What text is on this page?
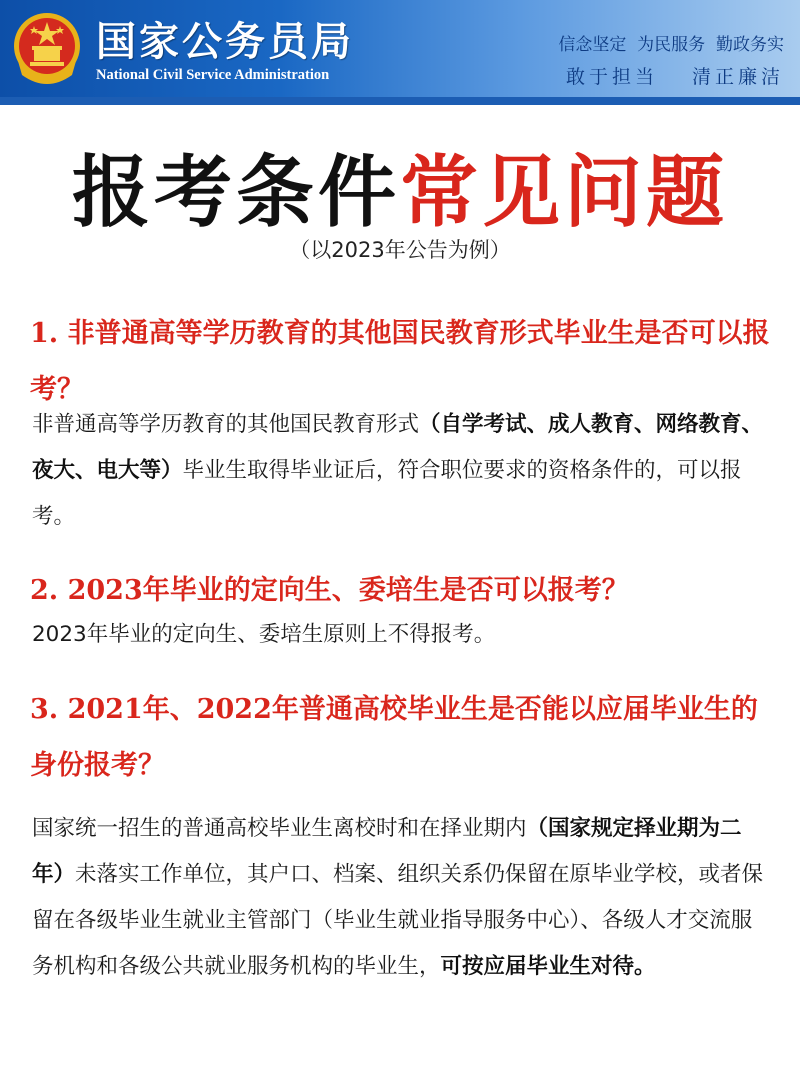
国家公务员局
National Civil Service Administration
信念坚定  为民服务  勤政务实
敢于担当 清正廉洁
报考条件常见问题
（以2023年公告为例）
1. 非普通高等学历教育的其他国民教育形式毕业生是否可以报考？
非普通高等学历教育的其他国民教育形式（自学考试、成人教育、网络教育、夜大、电大等）毕业生取得毕业证后，符合职位要求的资格条件的，可以报考。
2. 2023年毕业的定向生、委培生是否可以报考？
2023年毕业的定向生、委培生原则上不得报考。
3. 2021年、2022年普通高校毕业生是否能以应届毕业生的身份报考？
国家统一招生的普通高校毕业生离校时和在择业期内（国家规定择业期为二年）未落实工作单位，其户口、档案、组织关系仍保留在原毕业学校，或者保留在各级毕业生就业主管部门（毕业生就业指导服务中心）、各级人才交流服务机构和各级公共就业服务机构的毕业生，可按应届毕业生对待。
